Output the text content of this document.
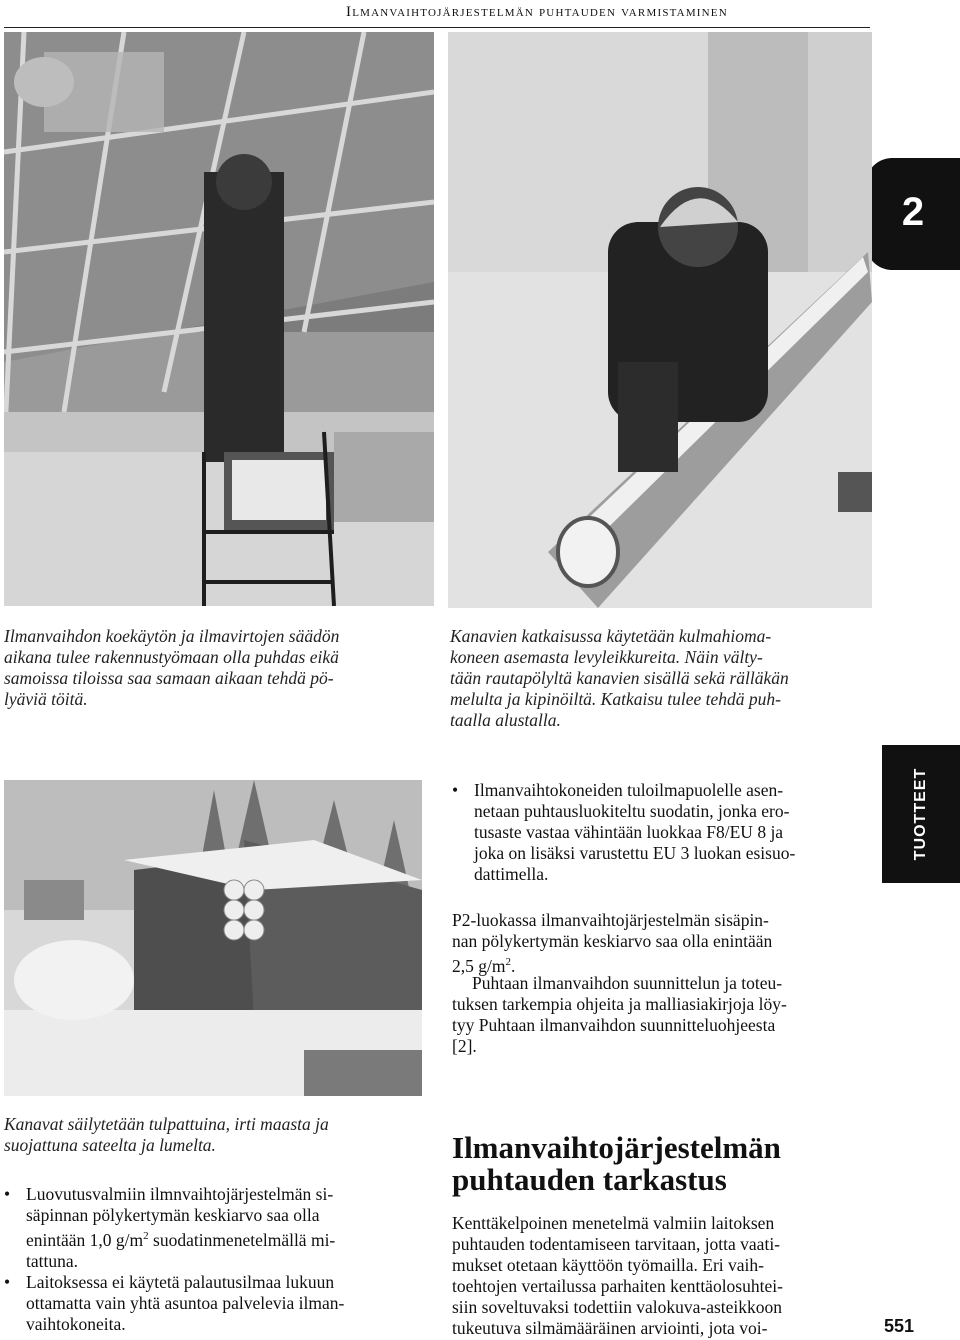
Ilmanvaihtojärjestelmän puhtauden varmistaminen
2
Ilmanvaihdon koekäytön ja ilmavirtojen säädön
aikana tulee rakennustyömaan olla puhdas eikä
samoissa tiloissa saa samaan aikaan tehdä pö-
lyäviä töitä.
Kanavien katkaisussa käytetään kulmahioma-
koneen asemasta levyleikkureita. Näin välty-
tään rautapölyltä kanavien sisällä sekä rälläkän
melulta ja kipinöiltä. Katkaisu tulee tehdä puh-
taalla alustalla.
TUOTTEET
• Ilmanvaihtokoneiden tuloilmapuolelle asen-
netaan puhtausluokiteltu suodatin, jonka ero-
tusaste vastaa vähintään luokkaa F8/EU 8 ja
joka on lisäksi varustettu EU 3 luokan esisuo-
dattimella.
P2-luokassa ilmanvaihtojärjestelmän sisäpin-
nan pölykertymän keskiarvo saa olla enintään
2,5 $g/m^2$.
Puhtaan ilmanvaihdon suunnittelun ja toteu-
tuksen tarkempia ohjeita ja malliasiakirjoja löy-
tyy Puhtaan ilmanvaihdon suunnitteluohjeesta
[2].
Kanavat säilytetään tulpattuina, irti maasta ja
suojattuna sateelta ja lumelta.
• Luovutusvalmiin ilmnvaihtojärjestelmän si-
säpinnan pölykertymän keskiarvo saa olla
enintään 1,0 $g/m^2$ suodatinmenetelmällä mi-
tattuna.
• Laitoksessa ei käytetä palautusilmaa lukuun
ottamatta vain yhtä asuntoa palvelevia ilman-
vaihtokoneita.
Ilmanvaihtojärjestelmän
puhtauden tarkastus
Kenttäkelpoinen menetelmä valmiin laitoksen
puhtauden todentamiseen tarvitaan, jotta vaati-
mukset otetaan käyttöön työmailla. Eri vaih-
toehtojen vertailussa parhaiten kenttäolosuhtei-
siin soveltuvaksi todettiin valokuva-asteikkoon
tukeutuva silmämääräinen arviointi, jota voi-	551
